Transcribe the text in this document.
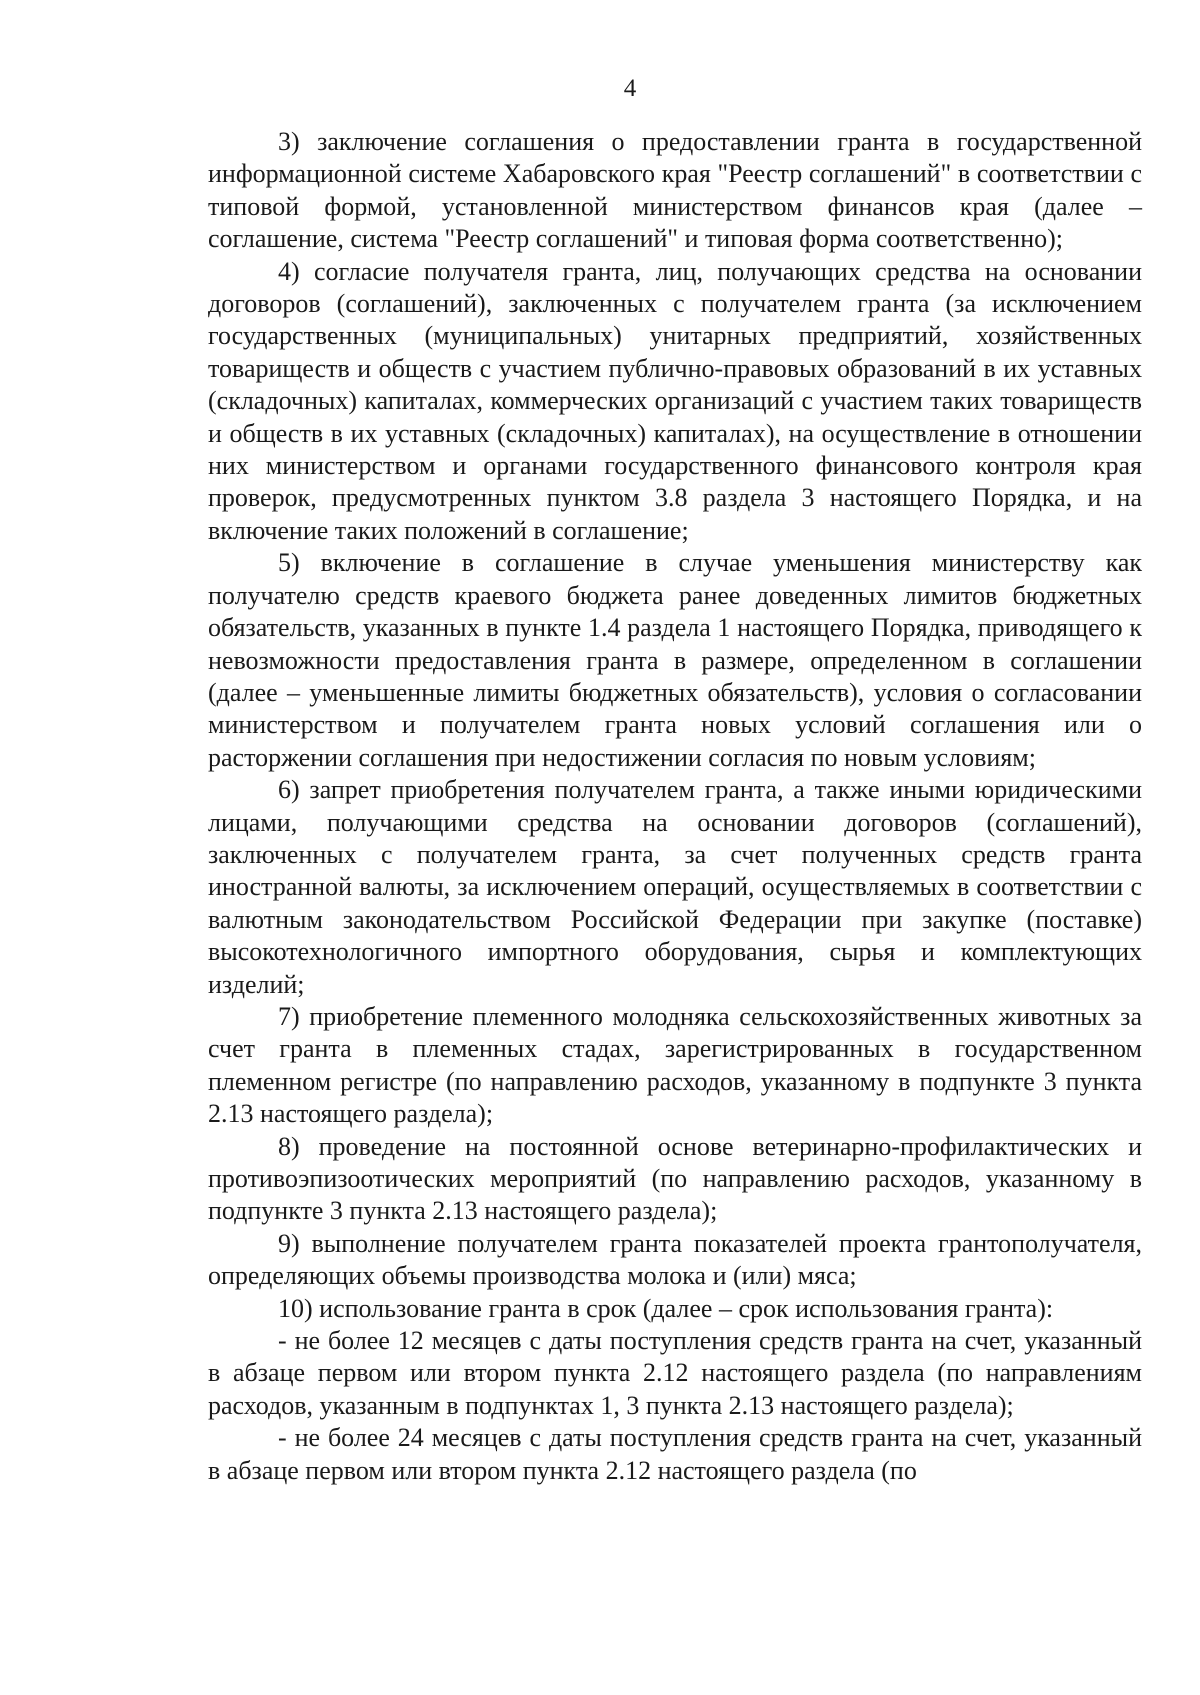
4

3) заключение соглашения о предоставлении гранта в государственной информационной системе Хабаровского края "Реестр соглашений" в соответствии с типовой формой, установленной министерством финансов края (далее – соглашение, система "Реестр соглашений" и типовая форма соответственно);

4) согласие получателя гранта, лиц, получающих средства на основании договоров (соглашений), заключенных с получателем гранта (за исключением государственных (муниципальных) унитарных предприятий, хозяйственных товариществ и обществ с участием публично-правовых образований в их уставных (складочных) капиталах, коммерческих организаций с участием таких товариществ и обществ в их уставных (складочных) капиталах), на осуществление в отношении них министерством и органами государственного финансового контроля края проверок, предусмотренных пунктом 3.8 раздела 3 настоящего Порядка, и на включение таких положений в соглашение;

5) включение в соглашение в случае уменьшения министерству как получателю средств краевого бюджета ранее доведенных лимитов бюджетных обязательств, указанных в пункте 1.4 раздела 1 настоящего Порядка, приводящего к невозможности предоставления гранта в размере, определенном в соглашении (далее – уменьшенные лимиты бюджетных обязательств), условия о согласовании министерством и получателем гранта новых условий соглашения или о расторжении соглашения при недостижении согласия по новым условиям;

6) запрет приобретения получателем гранта, а также иными юридическими лицами, получающими средства на основании договоров (соглашений), заключенных с получателем гранта, за счет полученных средств гранта иностранной валюты, за исключением операций, осуществляемых в соответствии с валютным законодательством Российской Федерации при закупке (поставке) высокотехнологичного импортного оборудования, сырья и комплектующих изделий;

7) приобретение племенного молодняка сельскохозяйственных животных за счет гранта в племенных стадах, зарегистрированных в государственном племенном регистре (по направлению расходов, указанному в подпункте 3 пункта 2.13 настоящего раздела);

8) проведение на постоянной основе ветеринарно-профилактических и противоэпизоотических мероприятий (по направлению расходов, указанному в подпункте 3 пункта 2.13 настоящего раздела);

9) выполнение получателем гранта показателей проекта грантополучателя, определяющих объемы производства молока и (или) мяса;

10) использование гранта в срок (далее – срок использования гранта):

- не более 12 месяцев с даты поступления средств гранта на счет, указанный в абзаце первом или втором пункта 2.12 настоящего раздела (по направлениям расходов, указанным в подпунктах 1, 3 пункта 2.13 настоящего раздела);

- не более 24 месяцев с даты поступления средств гранта на счет, указанный в абзаце первом или втором пункта 2.12 настоящего раздела (по
